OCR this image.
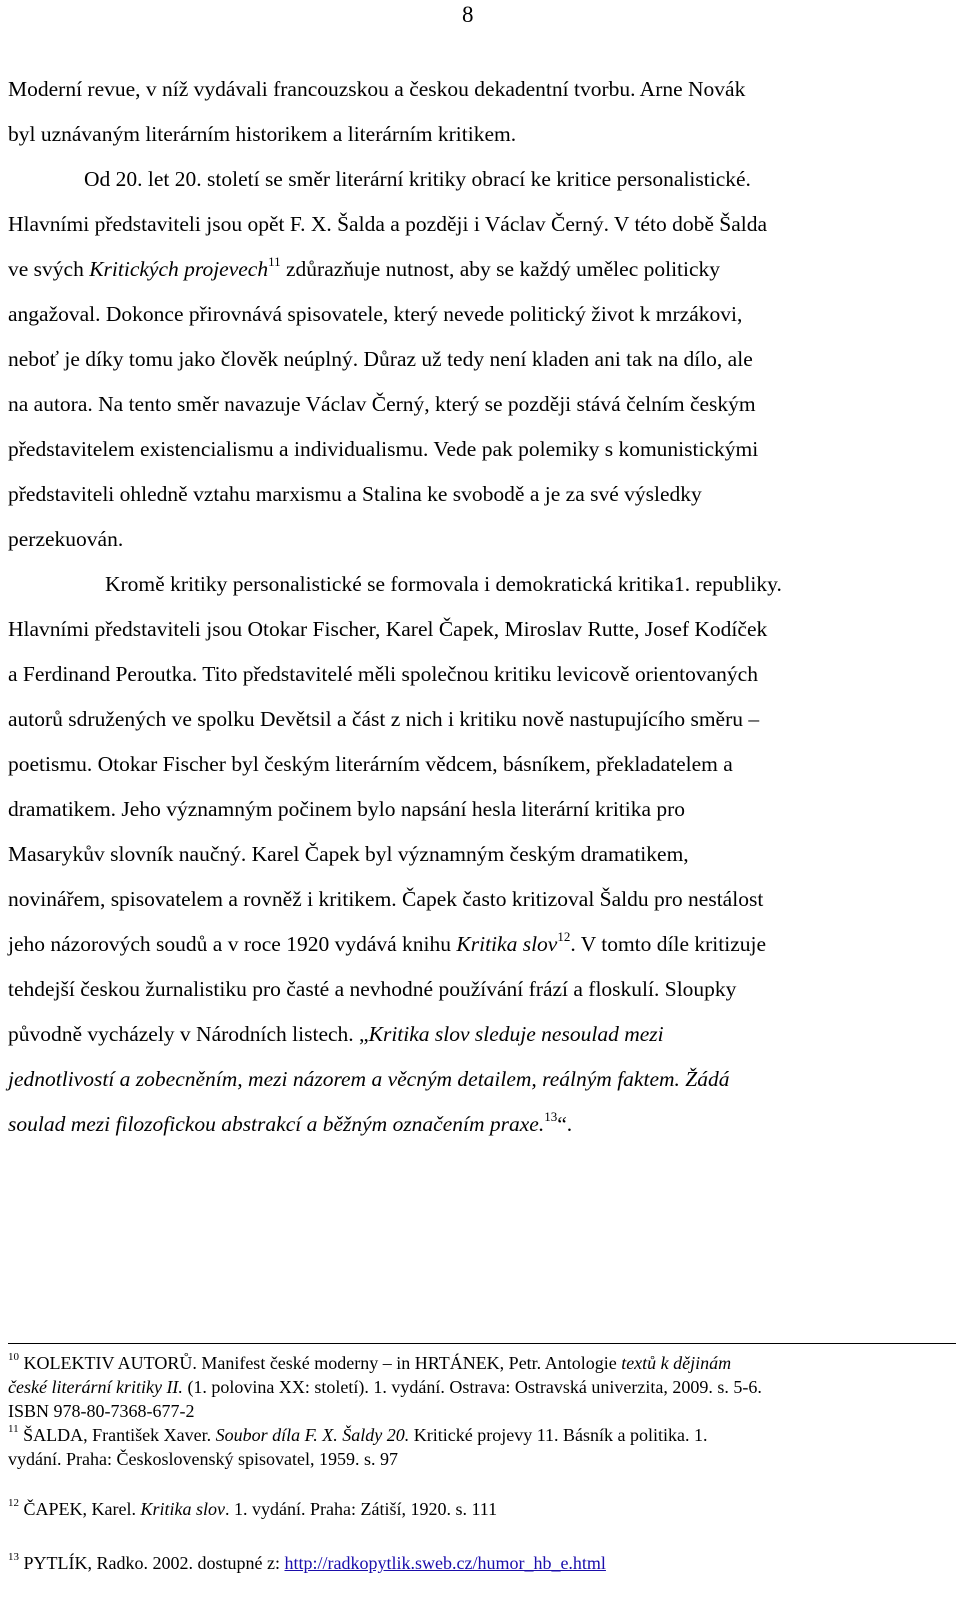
8
Moderní revue, v níž vydávali francouzskou a českou dekadentní tvorbu. Arne Novák
byl uznávaným literárním historikem a literárním kritikem.
Od 20. let 20. století se směr literární kritiky obrací ke kritice personalistické.
Hlavními představiteli jsou opět F. X. Šalda a později i Václav Černý. V této době Šalda
ve svých Kritických projevech$^{11}$ zdůrazňuje nutnost, aby se každý umělec politicky
angažoval. Dokonce přirovnává spisovatele, který nevede politický život k mrzákovi,
neboť je díky tomu jako člověk neúplný. Důraz už tedy není kladen ani tak na dílo, ale
na autora. Na tento směr navazuje Václav Černý, který se později stává čelním českým
představitelem existencialismu a individualismu. Vede pak polemiky s komunistickými
představiteli ohledně vztahu marxismu a Stalina ke svobodě a je za své výsledky
perzekuován.
Kromě kritiky personalistické se formovala i demokratická kritika1. republiky.
Hlavními představiteli jsou Otokar Fischer, Karel Čapek, Miroslav Rutte, Josef Kodíček
a Ferdinand Peroutka. Tito představitelé měli společnou kritiku levicově orientovaných
autorů sdružených ve spolku Devětsil a část z nich i kritiku nově nastupujícího směru –
poetismu. Otokar Fischer byl českým literárním vědcem, básníkem, překladatelem a
dramatikem. Jeho významným počinem bylo napsání hesla literární kritika pro
Masarykův slovník naučný. Karel Čapek byl významným českým dramatikem,
novinářem, spisovatelem a rovněž i kritikem. Čapek často kritizoval Šaldu pro nestálost
jeho názorových soudů a v roce 1920 vydává knihu Kritika slov$^{12}$. V tomto díle kritizuje
tehdejší českou žurnalistiku pro časté a nevhodné používání frází a floskulí. Sloupky
původně vycházely v Národních listech. „Kritika slov sleduje nesoulad mezi
jednotlivostí a zobecněním, mezi názorem a věcným detailem, reálným faktem. Žádá
soulad mezi filozofickou abstrakcí a běžným označením praxe.$^{13}$“.
$^{10}$ KOLEKTIV AUTORŮ. Manifest české moderny – in HRTÁNEK, Petr. Antologie textů k dějinám
české literární kritiky II. (1. polovina XX: století). 1. vydání. Ostrava: Ostravská univerzita, 2009. s. 5-6.
ISBN 978-80-7368-677-2
$^{11}$ ŠALDA, František Xaver. Soubor díla F. X. Šaldy 20. Kritické projevy 11. Básník a politika. 1.
vydání. Praha: Československý spisovatel, 1959. s. 97
$^{12}$ ČAPEK, Karel. Kritika slov. 1. vydání. Praha: Zátiší, 1920. s. 111
$^{13}$ PYTLÍK, Radko. 2002. dostupné z: http://radkopytlik.sweb.cz/humor_hb_e.html
